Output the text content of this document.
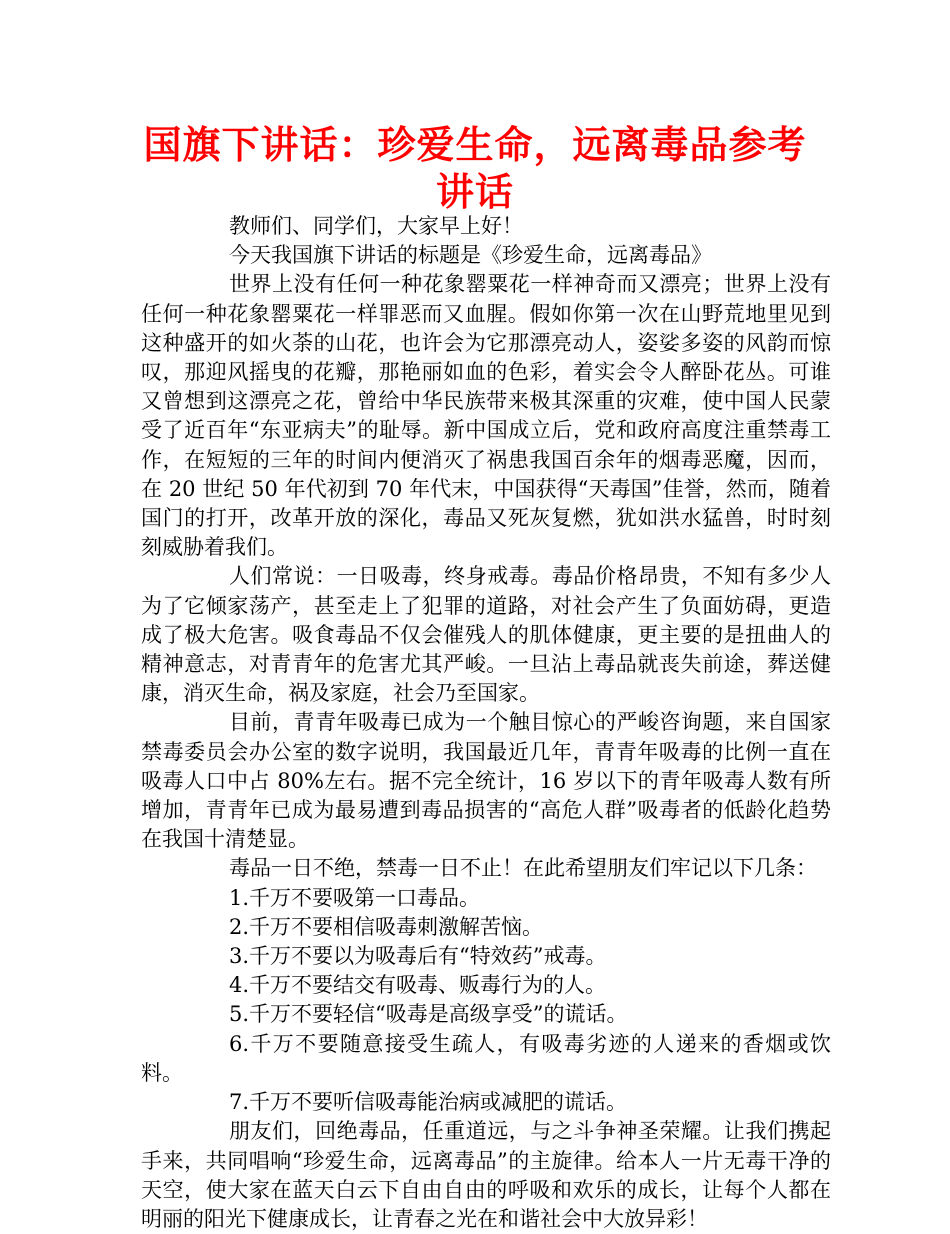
国旗下讲话：珍爱生命，远离毒品参考讲话

教师们、同学们，大家早上好！

今天我国旗下讲话的标题是《珍爱生命，远离毒品》

世界上没有任何一种花象罂粟花一样神奇而又漂亮；世界上没有任何一种花象罂粟花一样罪恶而又血腥。假如你第一次在山野荒地里见到这种盛开的如火荼的山花，也许会为它那漂亮动人，姿娑多姿的风韵而惊叹，那迎风摇曳的花瓣，那艳丽如血的色彩，着实会令人醉卧花丛。可谁又曾想到这漂亮之花，曾给中华民族带来极其深重的灾难，使中国人民蒙受了近百年“东亚病夫”的耻辱。新中国成立后，党和政府高度注重禁毒工作，在短短的三年的时间内便消灭了祸患我国百余年的烟毒恶魔，因而，在 20 世纪 50 年代初到 70 年代末，中国获得“天毒国”佳誉，然而，随着国门的打开，改革开放的深化，毒品又死灰复燃，犹如洪水猛兽，时时刻刻威胁着我们。

人们常说：一日吸毒，终身戒毒。毒品价格昂贵，不知有多少人为了它倾家荡产，甚至走上了犯罪的道路，对社会产生了负面妨碍，更造成了极大危害。吸食毒品不仅会催残人的肌体健康，更主要的是扭曲人的精神意志，对青青年的危害尤其严峻。一旦沾上毒品就丧失前途，葬送健康，消灭生命，祸及家庭，社会乃至国家。

目前，青青年吸毒已成为一个触目惊心的严峻咨询题，来自国家禁毒委员会办公室的数字说明，我国最近几年，青青年吸毒的比例一直在吸毒人口中占 80%左右。据不完全统计，16 岁以下的青年吸毒人数有所增加，青青年已成为最易遭到毒品损害的“高危人群”吸毒者的低龄化趋势在我国十清楚显。

毒品一日不绝，禁毒一日不止！在此希望朋友们牢记以下几条：

1.千万不要吸第一口毒品。

2.千万不要相信吸毒刺激解苦恼。

3.千万不要以为吸毒后有“特效药”戒毒。

4.千万不要结交有吸毒、贩毒行为的人。

5.千万不要轻信“吸毒是高级享受”的谎话。

6.千万不要随意接受生疏人，有吸毒劣迹的人递来的香烟或饮料。

7.千万不要听信吸毒能治病或减肥的谎话。

朋友们，回绝毒品，任重道远，与之斗争神圣荣耀。让我们携起手来，共同唱响“珍爱生命，远离毒品”的主旋律。给本人一片无毒干净的天空，使大家在蓝天白云下自由自由的呼吸和欢乐的成长，让每个人都在明丽的阳光下健康成长，让青春之光在和谐社会中大放异彩！
